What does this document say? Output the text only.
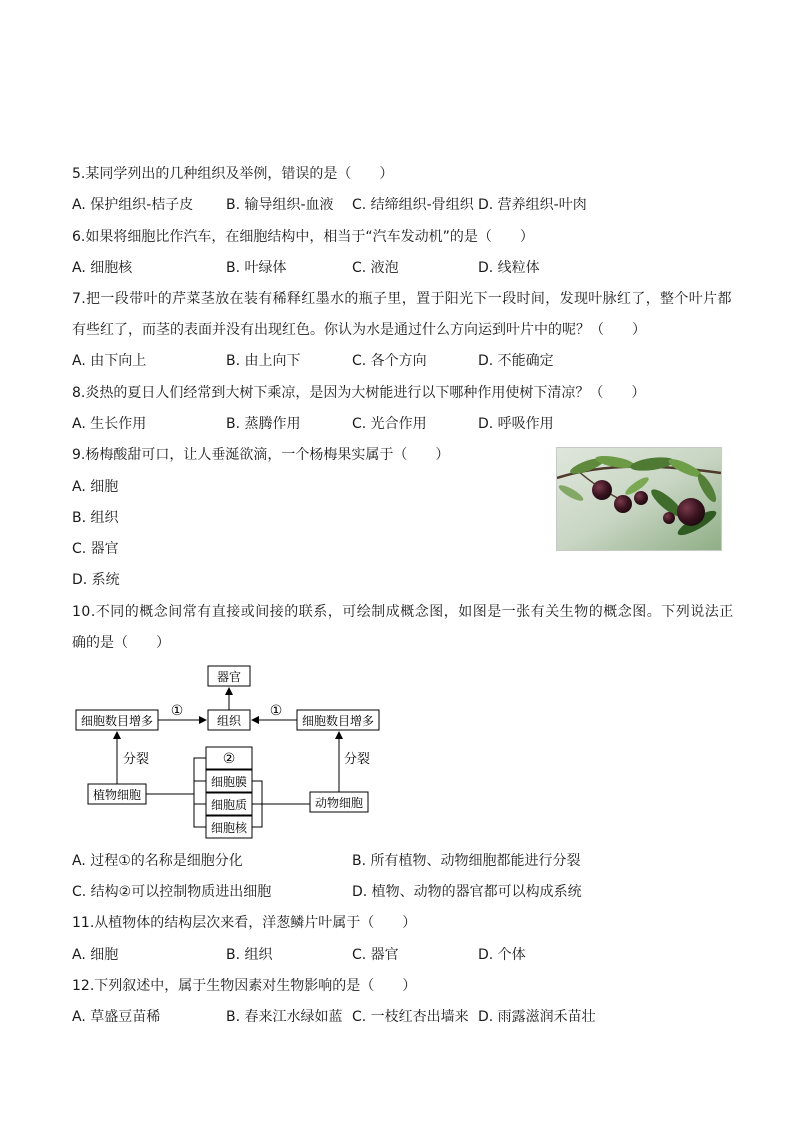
5.某同学列出的几种组织及举例，错误的是（　　）
A. 保护组织-桔子皮 B. 输导组织-血液 C. 结缔组织-骨组织 D. 营养组织-叶肉
6.如果将细胞比作汽车，在细胞结构中，相当于“汽车发动机”的是（　　）
A. 细胞核	B. 叶绿体	C. 液泡	D. 线粒体
7.把一段带叶的芹菜茎放在装有稀释红墨水的瓶子里，置于阳光下一段时间，发现叶脉红了，整个叶片都
有些红了，而茎的表面并没有出现红色。你认为水是通过什么方向运到叶片中的呢？（　　）
A. 由下向上	B. 由上向下	C. 各个方向	D. 不能确定
8.炎热的夏日人们经常到大树下乘凉，是因为大树能进行以下哪种作用使树下清凉？（　　）
A. 生长作用	B. 蒸腾作用	C. 光合作用	D. 呼吸作用
9.杨梅酸甜可口，让人垂涎欲滴，一个杨梅果实属于（　　）
A. 细胞
B. 组织
C. 器官
D. 系统
10.不同的概念间常有直接或间接的联系，可绘制成概念图，如图是一张有关生物的概念图。下列说法正
确的是（　　）
器官
组织
细胞数目增多	细胞数目增多
植物细胞
动物细胞
②
细胞膜
细胞质
细胞核
①	①
分裂	分裂
A. 过程①的名称是细胞分化	B. 所有植物、动物细胞都能进行分裂
C. 结构②可以控制物质进出细胞	D. 植物、动物的器官都可以构成系统
11.从植物体的结构层次来看，洋葱鳞片叶属于（　　）
A. 细胞	B. 组织	C. 器官	D. 个体
12.下列叙述中，属于生物因素对生物影响的是（　　）
A. 草盛豆苗稀	B. 春来江水绿如蓝 C. 一枝红杏出墙来 D. 雨露滋润禾苗壮
